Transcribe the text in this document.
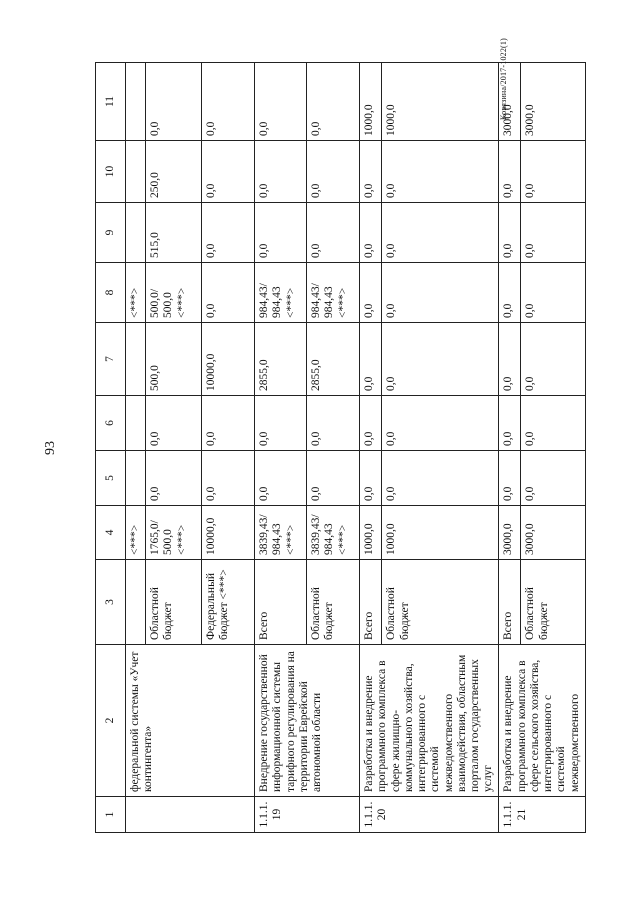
93
Ковязина/2017-1022(1)
1	2	3	4	5	6	7	8	9	10	11
	федеральной системы «Учет контингента»		<***>				<***>			
		Областной бюджет	1765,0/ 500,0 <***>	0,0	0,0	500,0	500,0/ 500,0 <***>	515,0	250,0	0,0
		Федеральный бюджет <***>	10000,0	0,0	0,0	10000,0	0,0	0,0	0,0	0,0
1.1.1. 19	Внедрение государственной информационной системы тарифного регулирования на территории Еврейской автономной области	Всего	3839,43/ 984,43 <***>	0,0	0,0	2855,0	984,43/ 984,43 <***>	0,0	0,0	0,0
		Областной бюджет	3839,43/ 984,43 <***>	0,0	0,0	2855,0	984,43/ 984,43 <***>	0,0	0,0	0,0
1.1.1. 20	Разработка и внедрение программного комплекса в сфере жилищно-коммунального хозяйства, интегрированного с системой межведомственного взаимодействия, областным порталом государственных услуг	Всего	1000,0	0,0	0,0	0,0	0,0	0,0	0,0	1000,0
		Областной бюджет	1000,0	0,0	0,0	0,0	0,0	0,0	0,0	1000,0
1.1.1. 21	Разработка и внедрение программного комплекса в сфере сельского хозяйства, интегрированного с системой межведомственного	Всего	3000,0	0,0	0,0	0,0	0,0	0,0	0,0	3000,0
		Областной бюджет	3000,0	0,0	0,0	0,0	0,0	0,0	0,0	3000,0
